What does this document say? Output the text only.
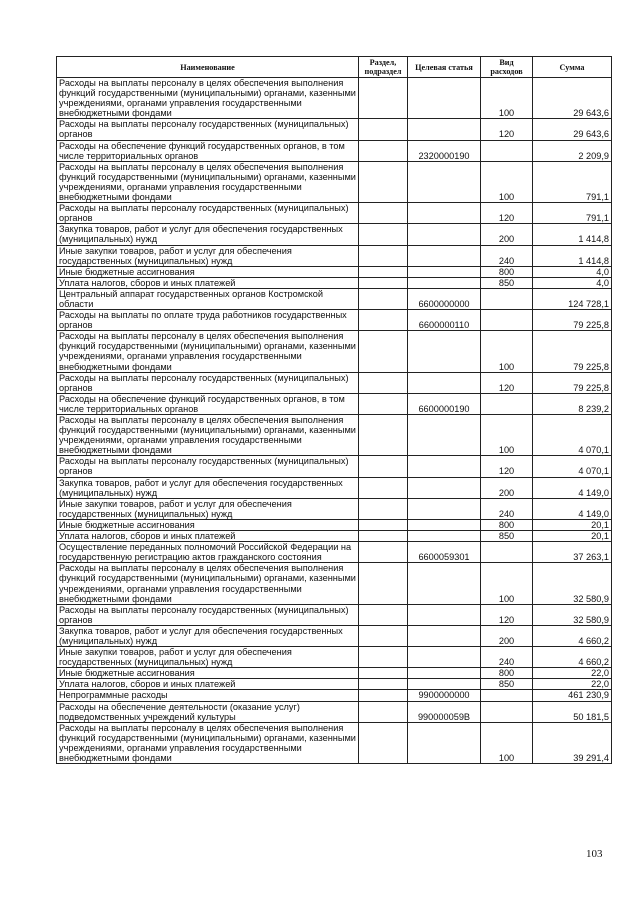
Наименование	Раздел, подраздел	Целевая статья	Вид расходов	Сумма
Расходы на выплаты персоналу в целях обеспечения выполнения функций государственными (муниципальными) органами, казенными учреждениями, органами управления государственными внебюджетными фондами			100	29 643,6
Расходы на выплаты персоналу государственных (муниципальных) органов			120	29 643,6
Расходы на обеспечение функций государственных органов, в том числе территориальных органов		2320000190		2 209,9
Расходы на выплаты персоналу в целях обеспечения выполнения функций государственными (муниципальными) органами, казенными учреждениями, органами управления государственными внебюджетными фондами			100	791,1
Расходы на выплаты персоналу государственных (муниципальных) органов			120	791,1
Закупка товаров, работ и услуг для обеспечения государственных (муниципальных) нужд			200	1 414,8
Иные закупки товаров, работ и услуг для обеспечения государственных (муниципальных) нужд			240	1 414,8
Иные бюджетные ассигнования			800	4,0
Уплата налогов, сборов и иных платежей			850	4,0
Центральный аппарат государственных органов Костромской области		6600000000		124 728,1
Расходы на выплаты по оплате труда работников государственных органов		6600000110		79 225,8
Расходы на выплаты персоналу в целях обеспечения выполнения функций государственными (муниципальными) органами, казенными учреждениями, органами управления государственными внебюджетными фондами			100	79 225,8
Расходы на выплаты персоналу государственных (муниципальных) органов			120	79 225,8
Расходы на обеспечение функций государственных органов, в том числе территориальных органов		6600000190		8 239,2
Расходы на выплаты персоналу в целях обеспечения выполнения функций государственными (муниципальными) органами, казенными учреждениями, органами управления государственными внебюджетными фондами			100	4 070,1
Расходы на выплаты персоналу государственных (муниципальных) органов			120	4 070,1
Закупка товаров, работ и услуг для обеспечения государственных (муниципальных) нужд			200	4 149,0
Иные закупки товаров, работ и услуг для обеспечения государственных (муниципальных) нужд			240	4 149,0
Иные бюджетные ассигнования			800	20,1
Уплата налогов, сборов и иных платежей			850	20,1
Осуществление переданных полномочий Российской Федерации на государственную регистрацию актов гражданского состояния		6600059301		37 263,1
Расходы на выплаты персоналу в целях обеспечения выполнения функций государственными (муниципальными) органами, казенными учреждениями, органами управления государственными внебюджетными фондами			100	32 580,9
Расходы на выплаты персоналу государственных (муниципальных) органов			120	32 580,9
Закупка товаров, работ и услуг для обеспечения государственных (муниципальных) нужд			200	4 660,2
Иные закупки товаров, работ и услуг для обеспечения государственных (муниципальных) нужд			240	4 660,2
Иные бюджетные ассигнования			800	22,0
Уплата налогов, сборов и иных платежей			850	22,0
Непрограммные расходы		9900000000		461 230,9
Расходы на обеспечение деятельности (оказание услуг) подведомственных учреждений культуры		990000059В		50 181,5
Расходы на выплаты персоналу в целях обеспечения выполнения функций государственными (муниципальными) органами, казенными учреждениями, органами управления государственными внебюджетными фондами			100	39 291,4
103
